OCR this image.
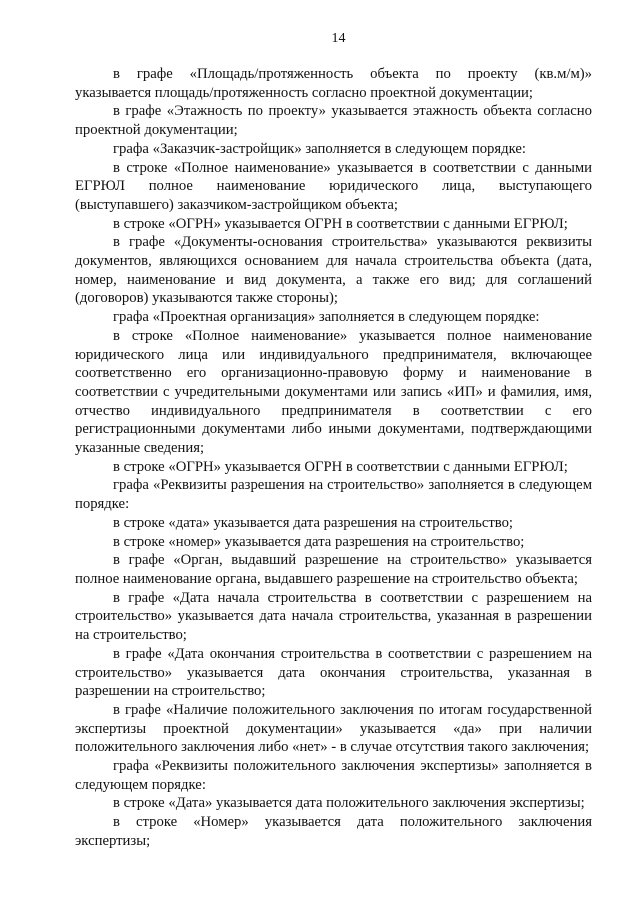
14

в графе «Площадь/протяженность объекта по проекту (кв.м/м)» указывается площадь/протяженность согласно проектной документации;

в графе «Этажность по проекту» указывается этажность объекта согласно проектной документации;

графа «Заказчик-застройщик» заполняется в следующем порядке:

в строке «Полное наименование» указывается в соответствии с данными ЕГРЮЛ полное наименование юридического лица, выступающего (выступавшего) заказчиком-застройщиком объекта;

в строке «ОГРН» указывается ОГРН в соответствии с данными ЕГРЮЛ;

в графе «Документы-основания строительства» указываются реквизиты документов, являющихся основанием для начала строительства объекта (дата, номер, наименование и вид документа, а также его вид; для соглашений (договоров) указываются также стороны);

графа «Проектная организация» заполняется в следующем порядке:

в строке «Полное наименование» указывается полное наименование юридического лица или индивидуального предпринимателя, включающее соответственно его организационно-правовую форму и наименование в соответствии с учредительными документами или запись «ИП» и фамилия, имя, отчество индивидуального предпринимателя в соответствии с его регистрационными документами либо иными документами, подтверждающими указанные сведения;

в строке «ОГРН» указывается ОГРН в соответствии с данными ЕГРЮЛ;

графа «Реквизиты разрешения на строительство» заполняется в следующем порядке:

в строке «дата» указывается дата разрешения на строительство;

в строке «номер» указывается дата разрешения на строительство;

в графе «Орган, выдавший разрешение на строительство» указывается полное наименование органа, выдавшего разрешение на строительство объекта;

в графе «Дата начала строительства в соответствии с разрешением на строительство» указывается дата начала строительства, указанная в разрешении на строительство;

в графе «Дата окончания строительства в соответствии с разрешением на строительство» указывается дата окончания строительства, указанная в разрешении на строительство;

в графе «Наличие положительного заключения по итогам государственной экспертизы проектной документации» указывается «да» при наличии положительного заключения либо «нет» - в случае отсутствия такого заключения;

графа «Реквизиты положительного заключения экспертизы» заполняется в следующем порядке:

в строке «Дата» указывается дата положительного заключения экспертизы;

в строке «Номер» указывается дата положительного заключения экспертизы;
